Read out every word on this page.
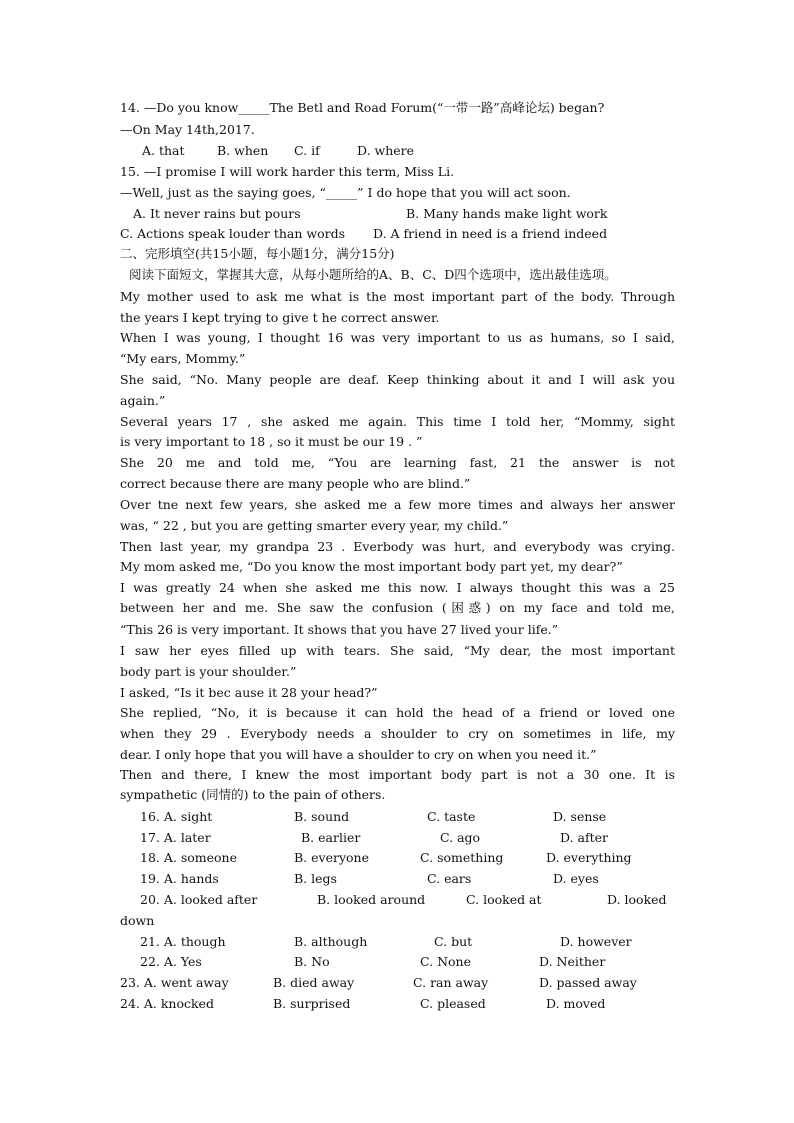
14. —Do you know_____The Betl and Road Forum(“一带一路”高峰论坛) began?
—On May 14th,2017.
A. that	B. when C. if	D. where
15. —I promise I will work harder this term, Miss Li.
—Well, just as the saying goes, “_____” I do hope that you will act soon.
A. It never rains but pours	B. Many hands make light work
C. Actions speak louder than words D. A friend in need is a friend indeed
二、完形填空(共15小题，每小题1分，满分15分)
阅读下面短文，掌握其大意，从每小题所给的A、B、C、D四个选项中，选出最佳选项。
My mother used to ask me what is the most important part of the body. Through
the years I kept trying to give t he correct answer.
When I was young, I thought 16 was very important to us as humans, so I said,
“My ears, Mommy.”
She said, “No. Many people are deaf. Keep thinking about it and I will ask you
again.”
Several years 17 , she asked me again. This time I told her, “Mommy, sight
is very important to 18 , so it must be our 19 . ”
She 20 me and told me, “You are learning fast, 21 the answer is not
correct because there are many people who are blind.”
Over tne next few years, she asked me a few more times and always her answer
was, “ 22 , but you are getting smarter every year, my child.”
Then last year, my grandpa 23 . Everbody was hurt, and everybody was crying.
My mom asked me, “Do you know the most important body part yet, my dear?”
I was greatly 24 when she asked me this now. I always thought this was a 25
between her and me. She saw the confusion (困惑) on my face and told me,
“This 26 is very important. It shows that you have 27 lived your life.”
I saw her eyes filled up with tears. She said, “My dear, the most important
body part is your shoulder.”
I asked, “Is it bec ause it 28 your head?”
She replied, “No, it is because it can hold the head of a friend or loved one
when they 29 . Everybody needs a shoulder to cry on sometimes in life, my
dear. I only hope that you will have a shoulder to cry on when you need it.”
Then and there, I knew the most important body part is not a 30 one. It is
sympathetic (同情的) to the pain of others.
16. A. sight	B. sound	C. taste	D. sense
17. A. later	B. earlier	C. ago	D. after
18. A. someone	B. everyone	C. something	D. everything
19. A. hands	B. legs	C. ears	D. eyes
20. A. looked after	B. looked around	C. looked at	D. looked
down
21. A. though	B. although	C. but	D. however
22. A. Yes	B. No	C. None	D. Neither
23. A. went away	B. died away	C. ran away	D. passed away
24. A. knocked	B. surprised	C. pleased	D. moved
